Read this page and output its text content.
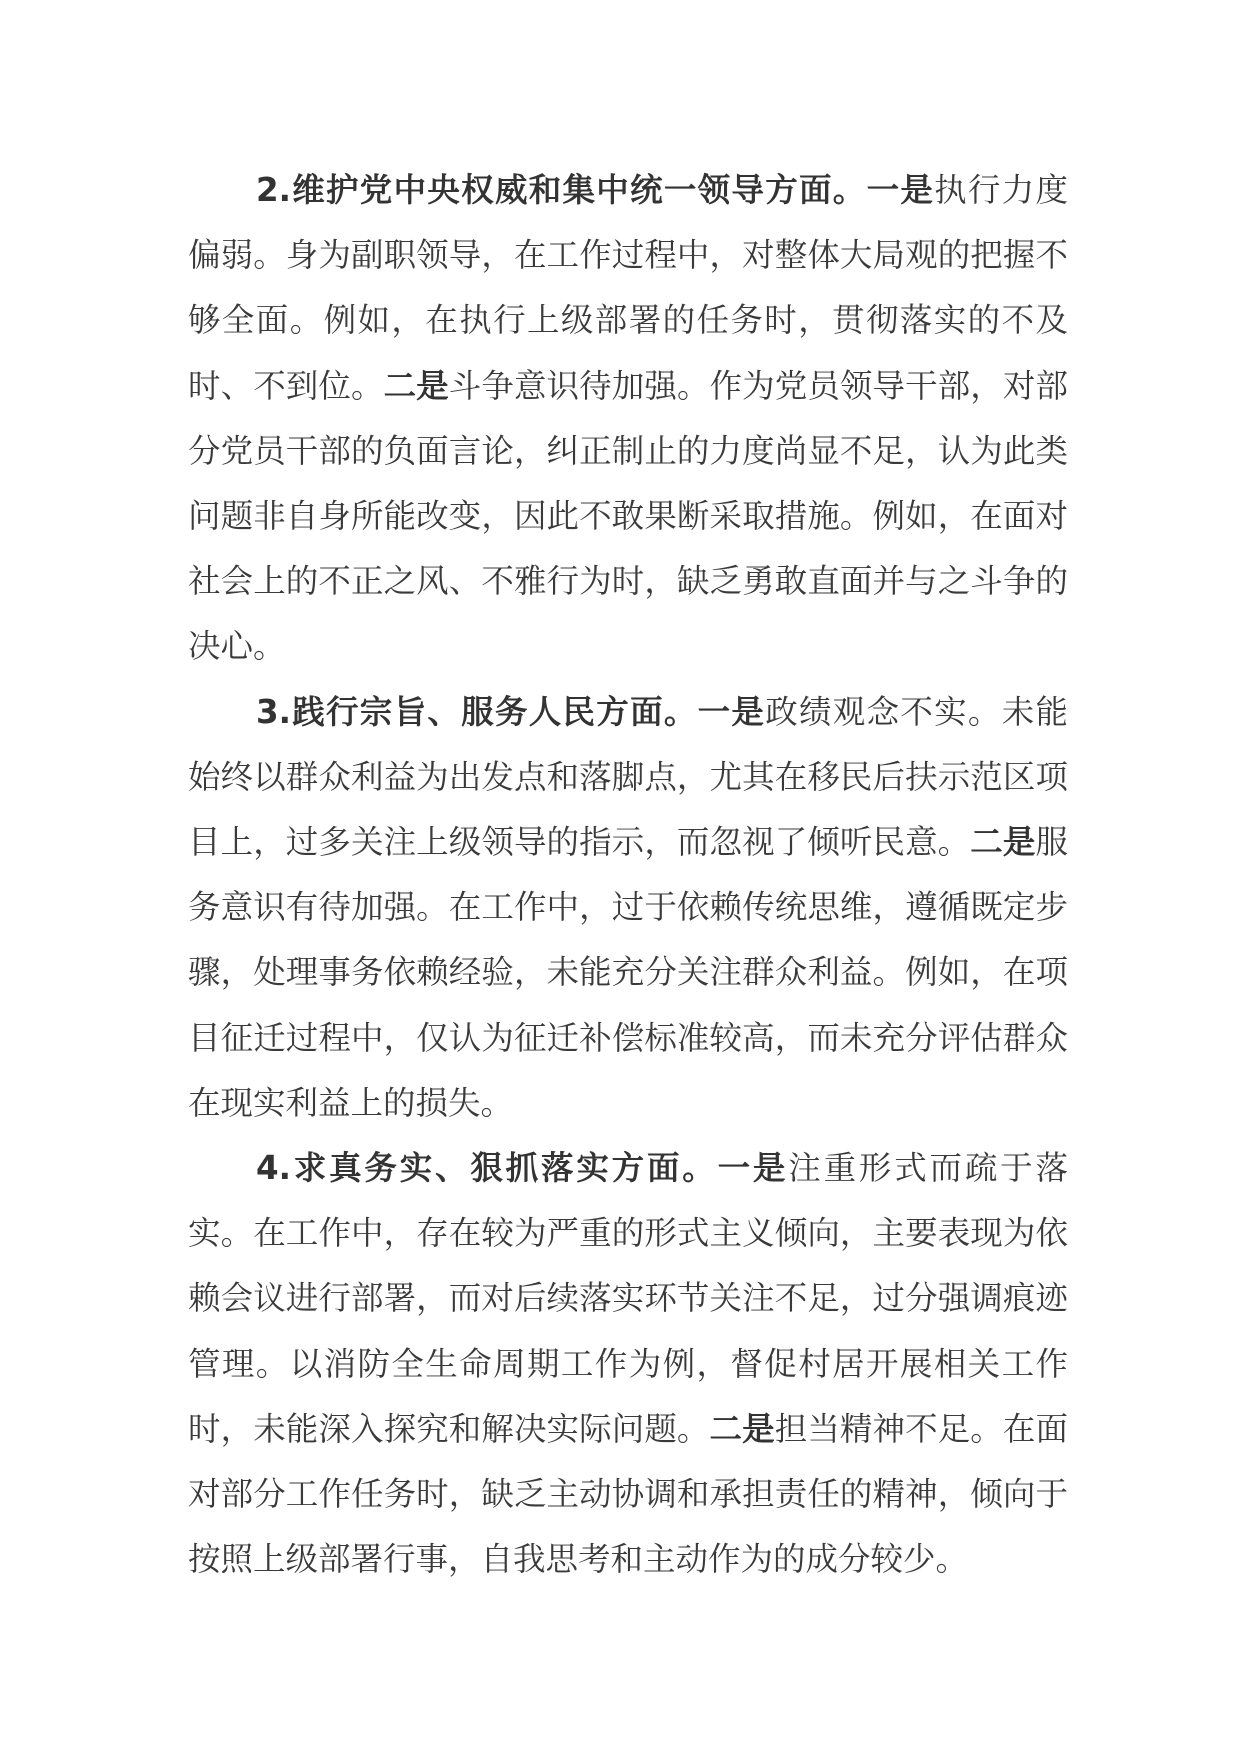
2.维护党中央权威和集中统一领导方面。一是执行力度偏弱。身为副职领导，在工作过程中，对整体大局观的把握不够全面。例如，在执行上级部署的任务时，贯彻落实的不及时、不到位。二是斗争意识待加强。作为党员领导干部，对部分党员干部的负面言论，纠正制止的力度尚显不足，认为此类问题非自身所能改变，因此不敢果断采取措施。例如，在面对社会上的不正之风、不雅行为时，缺乏勇敢直面并与之斗争的决心。

3.践行宗旨、服务人民方面。一是政绩观念不实。未能始终以群众利益为出发点和落脚点，尤其在移民后扶示范区项目上，过多关注上级领导的指示，而忽视了倾听民意。二是服务意识有待加强。在工作中，过于依赖传统思维，遵循既定步骤，处理事务依赖经验，未能充分关注群众利益。例如，在项目征迁过程中，仅认为征迁补偿标准较高，而未充分评估群众在现实利益上的损失。

4.求真务实、狠抓落实方面。一是注重形式而疏于落实。在工作中，存在较为严重的形式主义倾向，主要表现为依赖会议进行部署，而对后续落实环节关注不足，过分强调痕迹管理。以消防全生命周期工作为例，督促村居开展相关工作时，未能深入探究和解决实际问题。二是担当精神不足。在面对部分工作任务时，缺乏主动协调和承担责任的精神，倾向于按照上级部署行事，自我思考和主动作为的成分较少。
